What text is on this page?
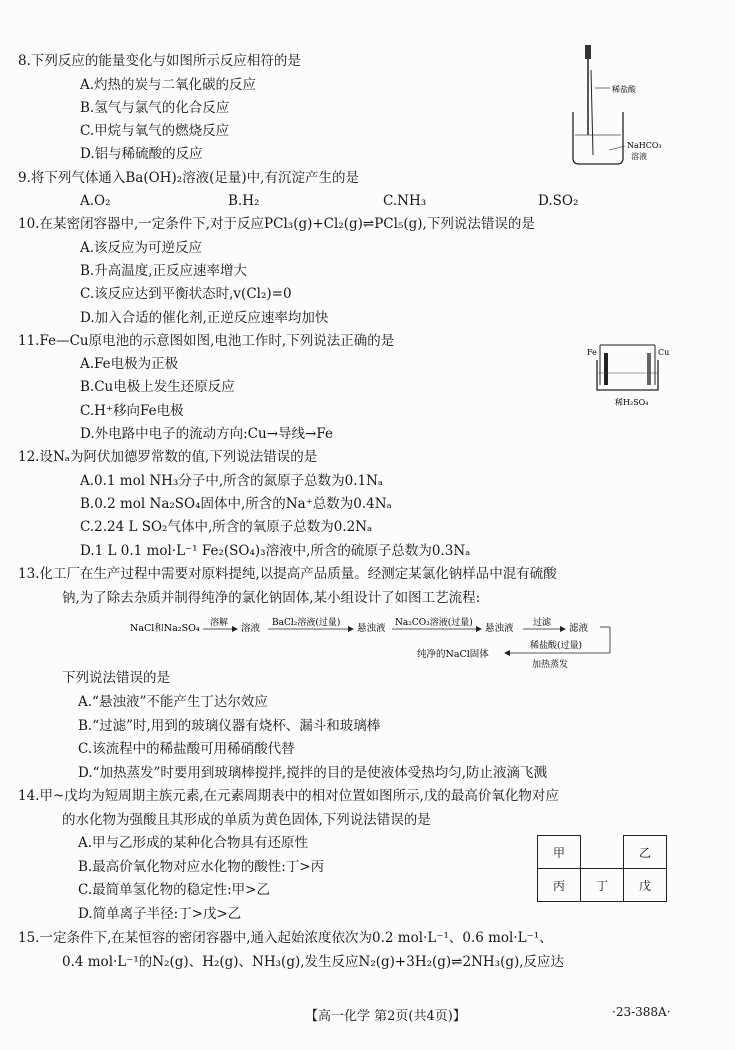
8.下列反应的能量变化与如图所示反应相符的是
A.灼热的炭与二氧化碳的反应
B.氢气与氯气的化合反应
C.甲烷与氧气的燃烧反应
D.铝与稀硫酸的反应
稀盐酸
NaHCO₃
溶液
9.将下列气体通入Ba(OH)₂溶液(足量)中,有沉淀产生的是
A.O₂	B.H₂	C.NH₃	D.SO₂
10.在某密闭容器中,一定条件下,对于反应PCl₃(g)+Cl₂(g)⇌PCl₅(g),下列说法错误的是
A.该反应为可逆反应
B.升高温度,正反应速率增大
C.该反应达到平衡状态时,v(Cl₂)=0
D.加入合适的催化剂,正逆反应速率均加快
11.Fe—Cu原电池的示意图如图,电池工作时,下列说法正确的是
A.Fe电极为正极
B.Cu电极上发生还原反应
C.H⁺移向Fe电极
D.外电路中电子的流动方向:Cu→导线→Fe
Fe	Cu
稀H₂SO₄
12.设Nₐ为阿伏加德罗常数的值,下列说法错误的是
A.0.1 mol NH₃分子中,所含的氮原子总数为0.1Nₐ
B.0.2 mol Na₂SO₄固体中,所含的Na⁺总数为0.4Nₐ
C.2.24 L SO₂气体中,所含的氧原子总数为0.2Nₐ
D.1 L 0.1 mol·L⁻¹ Fe₂(SO₄)₃溶液中,所含的硫原子总数为0.3Nₐ
13.化工厂在生产过程中需要对原料提纯,以提高产品质量。经测定某氯化钠样品中混有硫酸
钠,为了除去杂质并制得纯净的氯化钠固体,某小组设计了如图工艺流程:
NaCl和Na₂SO₄ 溶解 溶液 BaCl₂溶液(过量) 悬浊液 Na₂CO₃溶液(过量) 悬浊液 过滤 滤液
稀盐酸(过量)
纯净的NaCl固体
加热蒸发
下列说法错误的是
A.“悬浊液”不能产生丁达尔效应
B.“过滤”时,用到的玻璃仪器有烧杯、漏斗和玻璃棒
C.该流程中的稀盐酸可用稀硝酸代替
D.“加热蒸发”时要用到玻璃棒搅拌,搅拌的目的是使液体受热均匀,防止液滴飞溅
14.甲~戊均为短周期主族元素,在元素周期表中的相对位置如图所示,戊的最高价氧化物对应
的水化物为强酸且其形成的单质为黄色固体,下列说法错误的是
A.甲与乙形成的某种化合物具有还原性
B.最高价氧化物对应水化物的酸性:丁>丙
C.最简单氢化物的稳定性:甲>乙
D.简单离子半径:丁>戊>乙
甲		乙
丙	丁	戊
15.一定条件下,在某恒容的密闭容器中,通入起始浓度依次为0.2 mol·L⁻¹、0.6 mol·L⁻¹、
0.4 mol·L⁻¹的N₂(g)、H₂(g)、NH₃(g),发生反应N₂(g)+3H₂(g)⇌2NH₃(g),反应达
【高一化学 第2页(共4页)】	·23-388A·
